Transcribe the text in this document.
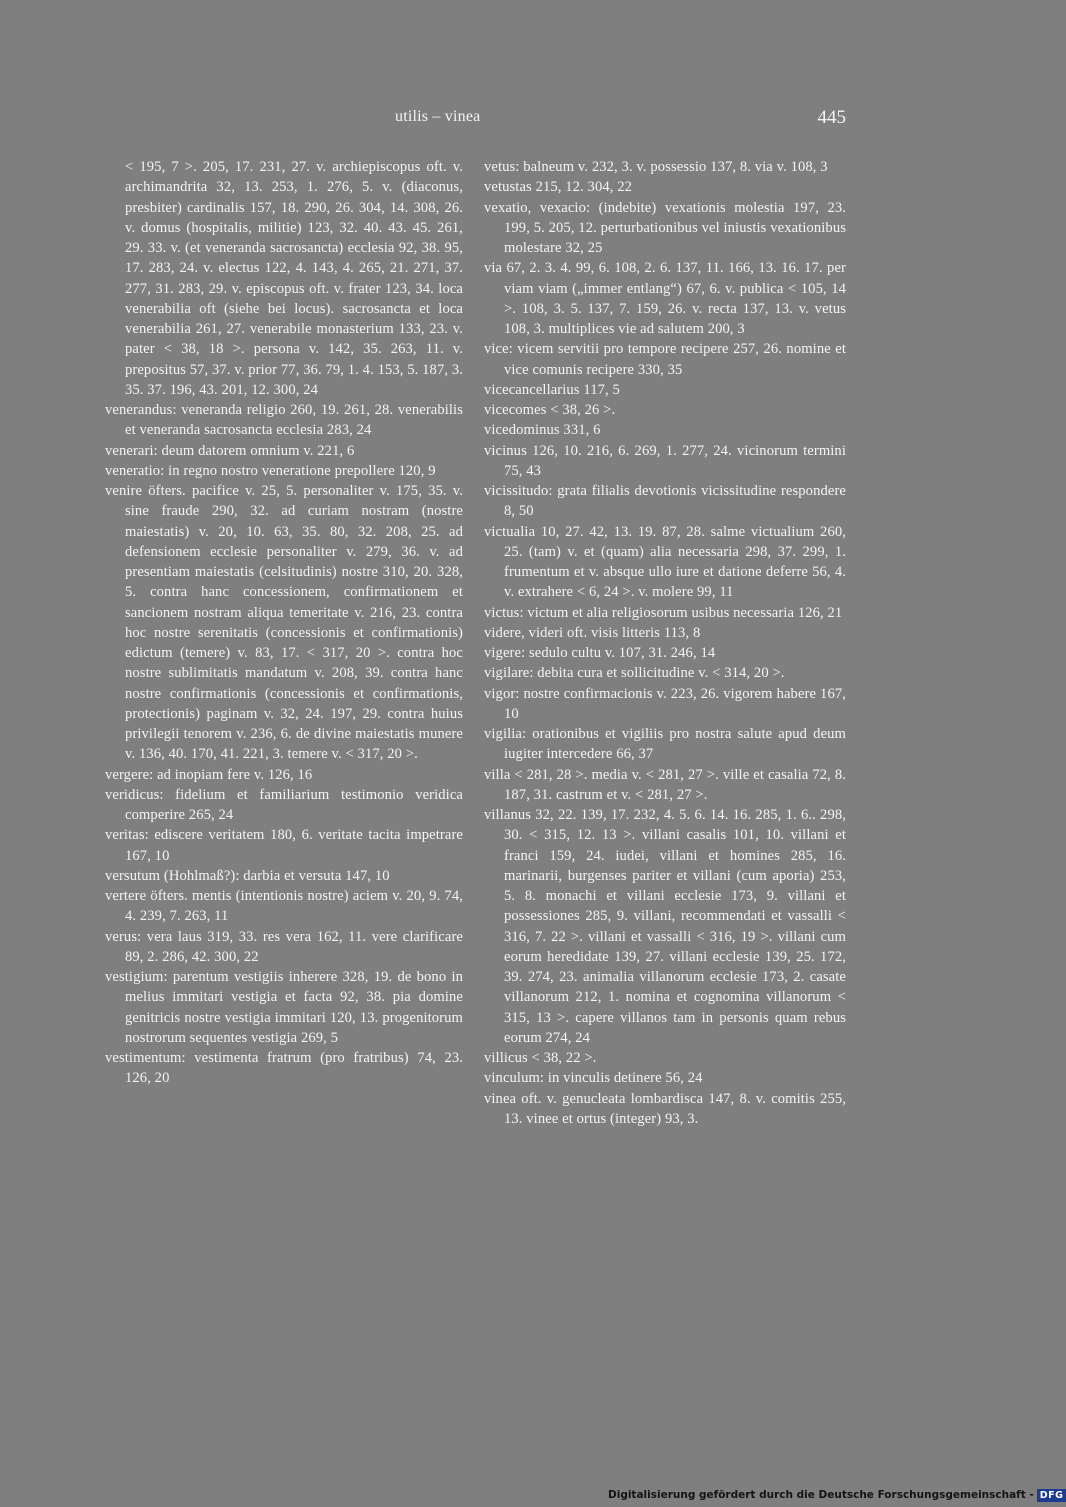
utilis – vinea	445

< 195, 7 >. 205, 17. 231, 27. v. archiepiscopus oft. v. archimandrita 32, 13. 253, 1. 276, 5. v. (diaconus, presbiter) cardinalis 157, 18. 290, 26. 304, 14. 308, 26. v. domus (hospitalis, militie) 123, 32. 40. 43. 45. 261, 29. 33. v. (et veneranda sacrosancta) ecclesia 92, 38. 95, 17. 283, 24. v. electus 122, 4. 143, 4. 265, 21. 271, 37. 277, 31. 283, 29. v. episcopus oft. v. frater 123, 34. loca venerabilia oft (siehe bei locus). sacrosancta et loca venerabilia 261, 27. venerabile monasterium 133, 23. v. pater < 38, 18 >. persona v. 142, 35. 263, 11. v. prepositus 57, 37. v. prior 77, 36. 79, 1. 4. 153, 5. 187, 3. 35. 37. 196, 43. 201, 12. 300, 24

venerandus: veneranda religio 260, 19. 261, 28. venerabilis et veneranda sacrosancta ecclesia 283, 24

venerari: deum datorem omnium v. 221, 6

veneratio: in regno nostro veneratione prepollere 120, 9

venire öfters. pacifice v. 25, 5. personaliter v. 175, 35. v. sine fraude 290, 32. ad curiam nostram (nostre maiestatis) v. 20, 10. 63, 35. 80, 32. 208, 25. ad defensionem ecclesie personaliter v. 279, 36. v. ad presentiam maiestatis (celsitudinis) nostre 310, 20. 328, 5. contra hanc concessionem, confirmationem et sancionem nostram aliqua temeritate v. 216, 23. contra hoc nostre serenitatis (concessionis et confirmationis) edictum (temere) v. 83, 17. < 317, 20 >. contra hoc nostre sublimitatis mandatum v. 208, 39. contra hanc nostre confirmationis (concessionis et confirmationis, protectionis) paginam v. 32, 24. 197, 29. contra huius privilegii tenorem v. 236, 6. de divine maiestatis munere v. 136, 40. 170, 41. 221, 3. temere v. < 317, 20 >.

vergere: ad inopiam fere v. 126, 16

veridicus: fidelium et familiarium testimonio veridica comperire 265, 24

veritas: ediscere veritatem 180, 6. veritate tacita impetrare 167, 10

versutum (Hohlmaß?): darbia et versuta 147, 10

vertere öfters. mentis (intentionis nostre) aciem v. 20, 9. 74, 4. 239, 7. 263, 11

verus: vera laus 319, 33. res vera 162, 11. vere clarificare 89, 2. 286, 42. 300, 22

vestigium: parentum vestigiis inherere 328, 19. de bono in melius immitari vestigia et facta 92, 38. pia domine genitricis nostre vestigia immitari 120, 13. progenitorum nostrorum sequentes vestigia 269, 5

vestimentum: vestimenta fratrum (pro fratribus) 74, 23. 126, 20

vetus: balneum v. 232, 3. v. possessio 137, 8. via v. 108, 3

vetustas 215, 12. 304, 22

vexatio, vexacio: (indebite) vexationis molestia 197, 23. 199, 5. 205, 12. perturbationibus vel iniustis vexationibus molestare 32, 25

via 67, 2. 3. 4. 99, 6. 108, 2. 6. 137, 11. 166, 13. 16. 17. per viam viam („immer entlang“) 67, 6. v. publica < 105, 14 >. 108, 3. 5. 137, 7. 159, 26. v. recta 137, 13. v. vetus 108, 3. multiplices vie ad salutem 200, 3

vice: vicem servitii pro tempore recipere 257, 26. nomine et vice comunis recipere 330, 35

vicecancellarius 117, 5

vicecomes < 38, 26 >.

vicedominus 331, 6

vicinus 126, 10. 216, 6. 269, 1. 277, 24. vicinorum termini 75, 43

vicissitudo: grata filialis devotionis vicissitudine respondere 8, 50

victualia 10, 27. 42, 13. 19. 87, 28. salme victualium 260, 25. (tam) v. et (quam) alia necessaria 298, 37. 299, 1. frumentum et v. absque ullo iure et datione deferre 56, 4. v. extrahere < 6, 24 >. v. molere 99, 11

victus: victum et alia religiosorum usibus necessaria 126, 21

videre, videri oft. visis litteris 113, 8

vigere: sedulo cultu v. 107, 31. 246, 14

vigilare: debita cura et sollicitudine v. < 314, 20 >.

vigor: nostre confirmacionis v. 223, 26. vigorem habere 167, 10

vigilia: orationibus et vigiliis pro nostra salute apud deum iugiter intercedere 66, 37

villa < 281, 28 >. media v. < 281, 27 >. ville et casalia 72, 8. 187, 31. castrum et v. < 281, 27 >.

villanus 32, 22. 139, 17. 232, 4. 5. 6. 14. 16. 285, 1. 6.. 298, 30. < 315, 12. 13 >. villani casalis 101, 10. villani et franci 159, 24. iudei, villani et homines 285, 16. marinarii, burgenses pariter et villani (cum aporia) 253, 5. 8. monachi et villani ecclesie 173, 9. villani et possessiones 285, 9. villani, recommendati et vassalli < 316, 7. 22 >. villani et vassalli < 316, 19 >. villani cum eorum heredidate 139, 27. villani ecclesie 139, 25. 172, 39. 274, 23. animalia villanorum ecclesie 173, 2. casate villanorum 212, 1. nomina et cognomina villanorum < 315, 13 >. capere villanos tam in personis quam rebus eorum 274, 24

villicus < 38, 22 >.

vinculum: in vinculis detinere 56, 24

vinea oft. v. genucleata lombardisca 147, 8. v. comitis 255, 13. vinee et ortus (integer) 93, 3.

Digitalisierung gefördert durch die Deutsche Forschungsgemeinschaft - DFG
